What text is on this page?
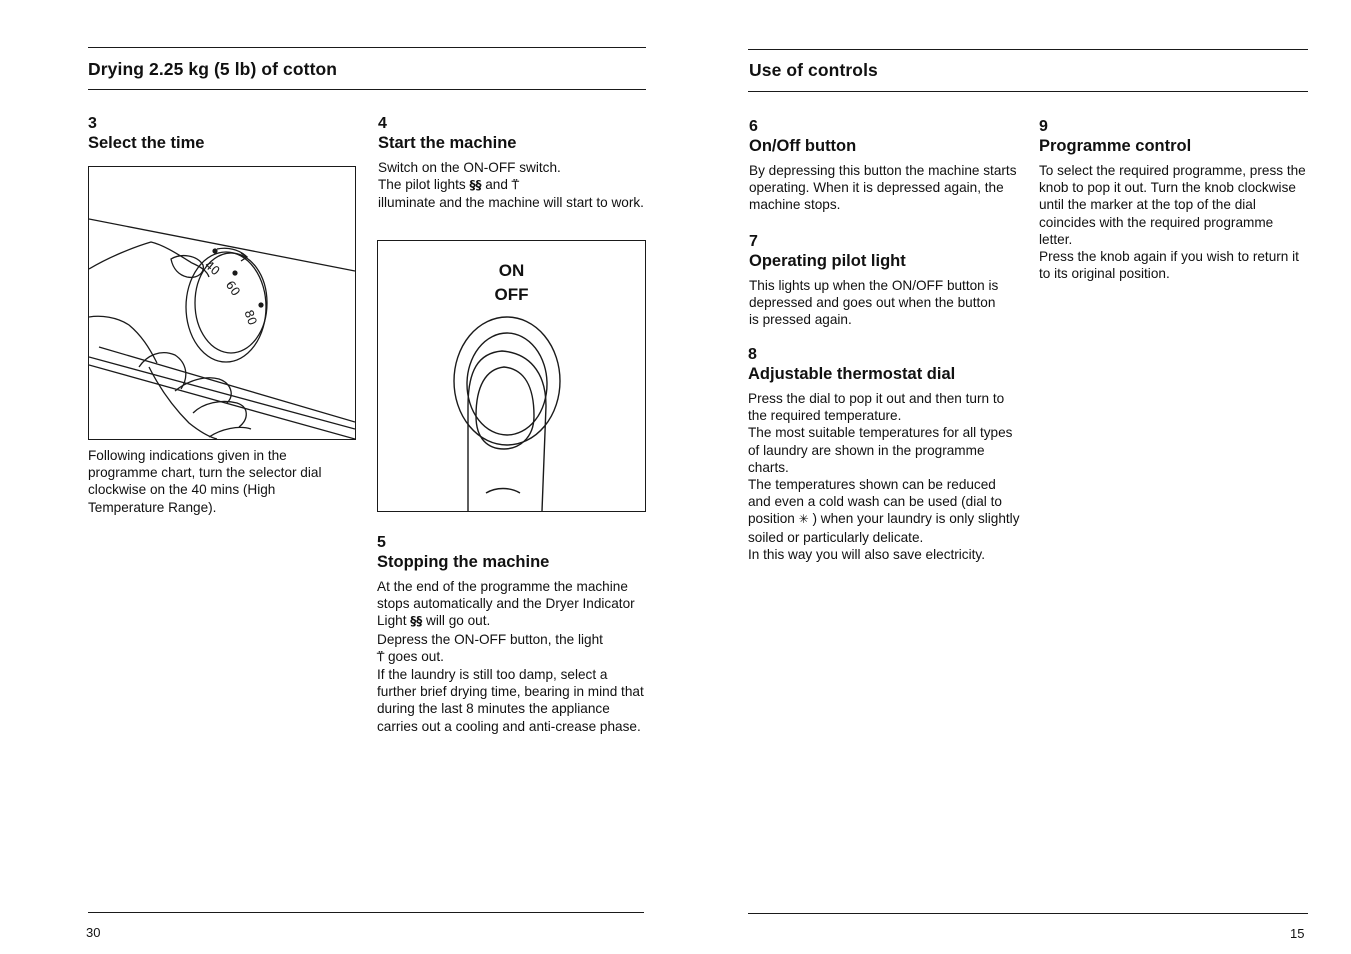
Drying 2.25 kg (5 lb) of cotton
3
Select the time
40
60
80

Following indications given in the programme chart, turn the selector dial clockwise on the 40 mins (High Temperature Range).

4
Start the machine

Switch on the ON-OFF switch.
The pilot lights §§ and ⍡
illuminate and the machine will start to work.

ON
OFF
5
Stopping the machine

At the end of the programme the machine stops automatically and the Dryer Indicator Light §§ will go out.
Depress the ON-OFF button, the light
⍡ goes out.
If the laundry is still too damp, select a further brief drying time, bearing in mind that during the last 8 minutes the appliance carries out a cooling and anti-crease phase.

30
Use of controls
6
On/Off button

By depressing this button the machine starts operating. When it is depressed again, the machine stops.

7
Operating pilot light

This lights up when the ON/OFF button is depressed and goes out when the button is pressed again.

8
Adjustable thermostat dial

Press the dial to pop it out and then turn to the required temperature.
The most suitable temperatures for all types of laundry are shown in the programme charts.
The temperatures shown can be reduced and even a cold wash can be used (dial to position ✳ ) when your laundry is only slightly soiled or particularly delicate.
In this way you will also save electricity.

9
Programme control

To select the required programme, press the knob to pop it out. Turn the knob clockwise until the marker at the top of the dial coincides with the required programme letter.
Press the knob again if you wish to return it to its original position.

15
